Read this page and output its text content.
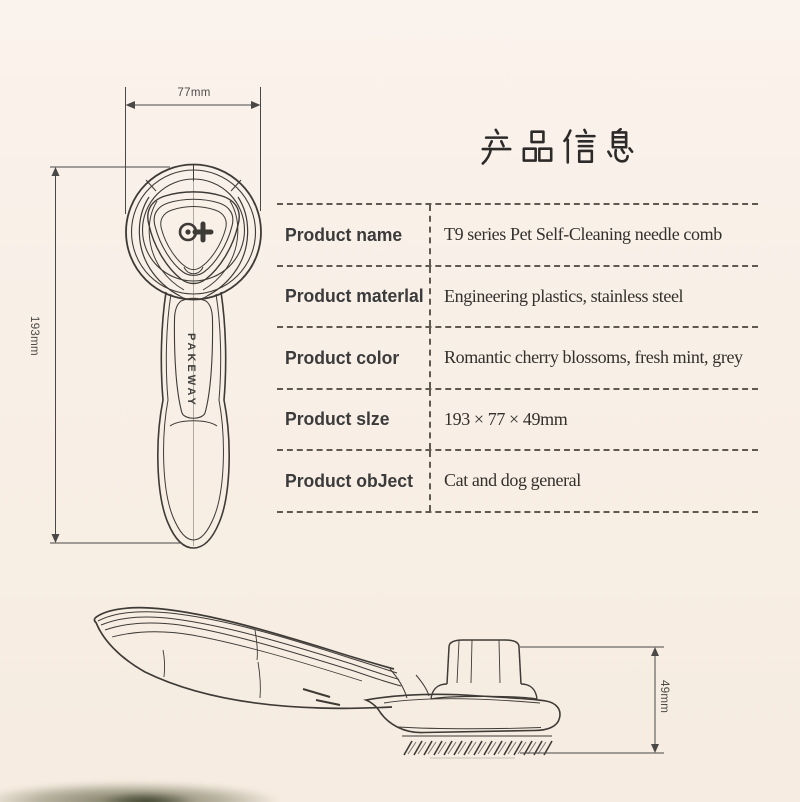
77mm
193mm
49mm
PAKEWAY
Product name	T9 series Pet Self-Cleaning needle comb
Product materlal	Engineering plastics, stainless steel
Product color	Romantic cherry blossoms, fresh mint, grey
Product slze	193 × 77 × 49mm
Product obJect	Cat and dog general
